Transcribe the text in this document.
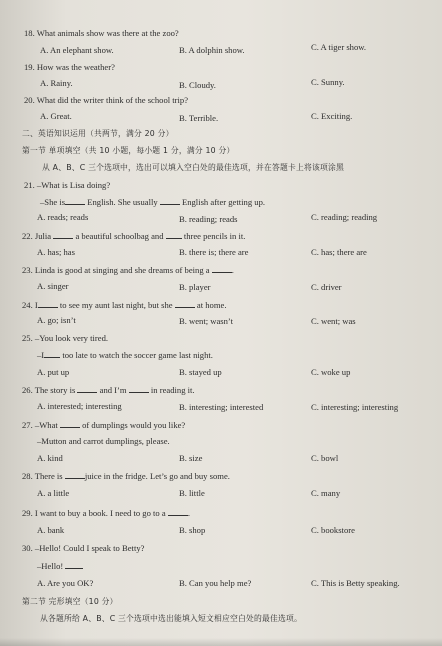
18. What animals show was there at the zoo?
A. An elephant show.	B. A dolphin show.	C. A tiger show.
19. How was the weather?
A. Rainy.	B. Cloudy.	C. Sunny.
20. What did the writer think of the school trip?
A. Great.	B. Terrible.	C. Exciting.
二、英语知识运用（共两节，满分 20 分）
第一节 单项填空（共 10 小题，每小题 1 分，满分 10 分）
从 A、B、C 三个选项中，选出可以填入空白处的最佳选项，并在答题卡上将该项涂黑
21. –What is Lisa doing?
–She is	English. She usually	English after getting up.
A. reads; reads	B. reading; reads	C. reading; reading
22. Julia	a beautiful schoolbag and three pencils in it.
A. has; has	B. there is; there are	C. has; there are
23. Linda is good at singing and she dreams of being a	.
A. singer	B. player	C. driver
24. I	to see my aunt last night, but she	at home.
A. go; isn’t	B. went; wasn’t	C. went; was
25. –You look very tired.
–I too late to watch the soccer game last night.
A. put up	B. stayed up	C. woke up
26. The story is	and I’m	in reading it.
A. interested; interesting	B. interesting; interested	C. interesting; interesting
27. –What	of dumplings would you like?
–Mutton and carrot dumplings, please.
A. kind	B. size	C. bowl
28. There is	juice in the fridge. Let’s go and buy some.
A. a little	B. little	C. many
29. I want to buy a book. I need to go to a	.
A. bank	B. shop	C. bookstore
30. –Hello! Could I speak to Betty?
–Hello!
A. Are you OK?	B. Can you help me?	C. This is Betty speaking.
第二节 完形填空（10 分）
从各题所给 A、B、C 三个选项中选出能填入短文相应空白处的最佳选项。
